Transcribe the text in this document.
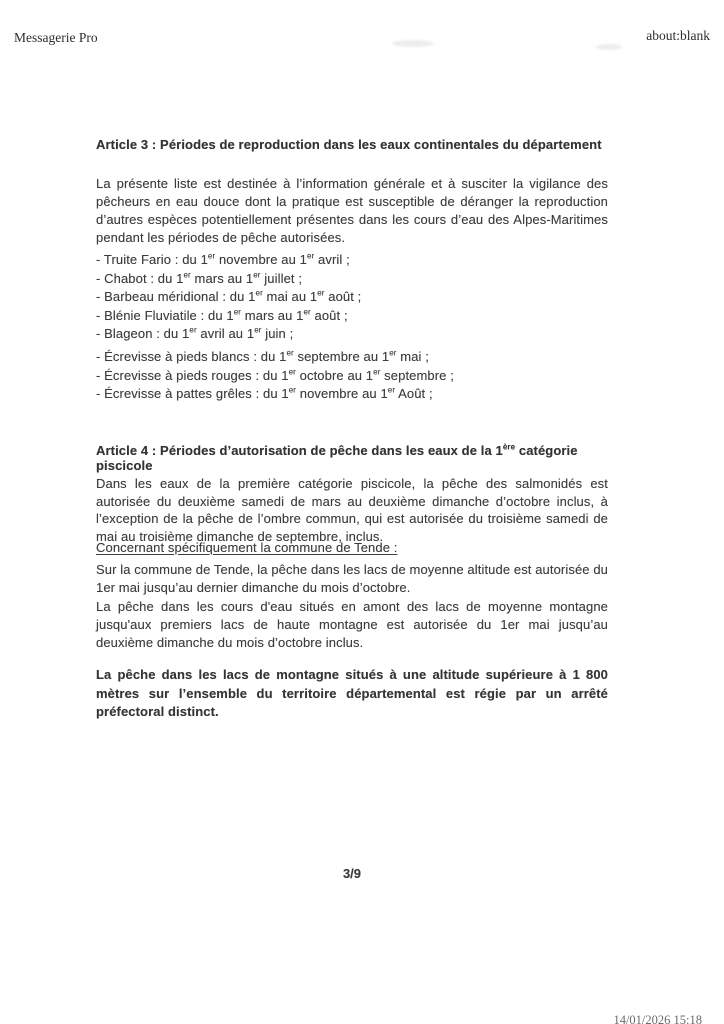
Messagerie Pro	about:blank
Article 3 : Périodes de reproduction dans les eaux continentales du département
La présente liste est destinée à l’information générale et à susciter la vigilance des pêcheurs en eau douce dont la pratique est susceptible de déranger la reproduction d’autres espèces potentiellement présentes dans les cours d’eau des Alpes-Maritimes pendant les périodes de pêche autorisées.
- Truite Fario : du 1er novembre au 1er avril ;
- Chabot : du 1er mars au 1er juillet ;
- Barbeau méridional : du 1er mai au 1er août ;
- Blénie Fluviatile : du 1er mars au 1er août ;
- Blageon : du 1er avril au 1er juin ;
- Écrevisse à pieds blancs : du 1er septembre au 1er mai ;
- Écrevisse à pieds rouges : du 1er octobre au 1er septembre ;
- Écrevisse à pattes grêles : du 1er novembre au 1er Août ;
Article 4 : Périodes d’autorisation de pêche dans les eaux de la 1ère catégorie piscicole
Dans les eaux de la première catégorie piscicole, la pêche des salmonidés est autorisée du deuxième samedi de mars au deuxième dimanche d’octobre inclus, à l’exception de la pêche de l’ombre commun, qui est autorisée du troisième samedi de mai au troisième dimanche de septembre, inclus.
Concernant spécifiquement la commune de Tende :
Sur la commune de Tende, la pêche dans les lacs de moyenne altitude est autorisée du 1er mai jusqu’au dernier dimanche du mois d’octobre.
La pêche dans les cours d'eau situés en amont des lacs de moyenne montagne jusqu'aux premiers lacs de haute montagne est autorisée du 1er mai jusqu’au deuxième dimanche du mois d’octobre inclus.
La pêche dans les lacs de montagne situés à une altitude supérieure à 1 800 mètres sur l’ensemble du territoire départemental est régie par un arrêté préfectoral distinct.
3/9
14/01/2026 15:18
